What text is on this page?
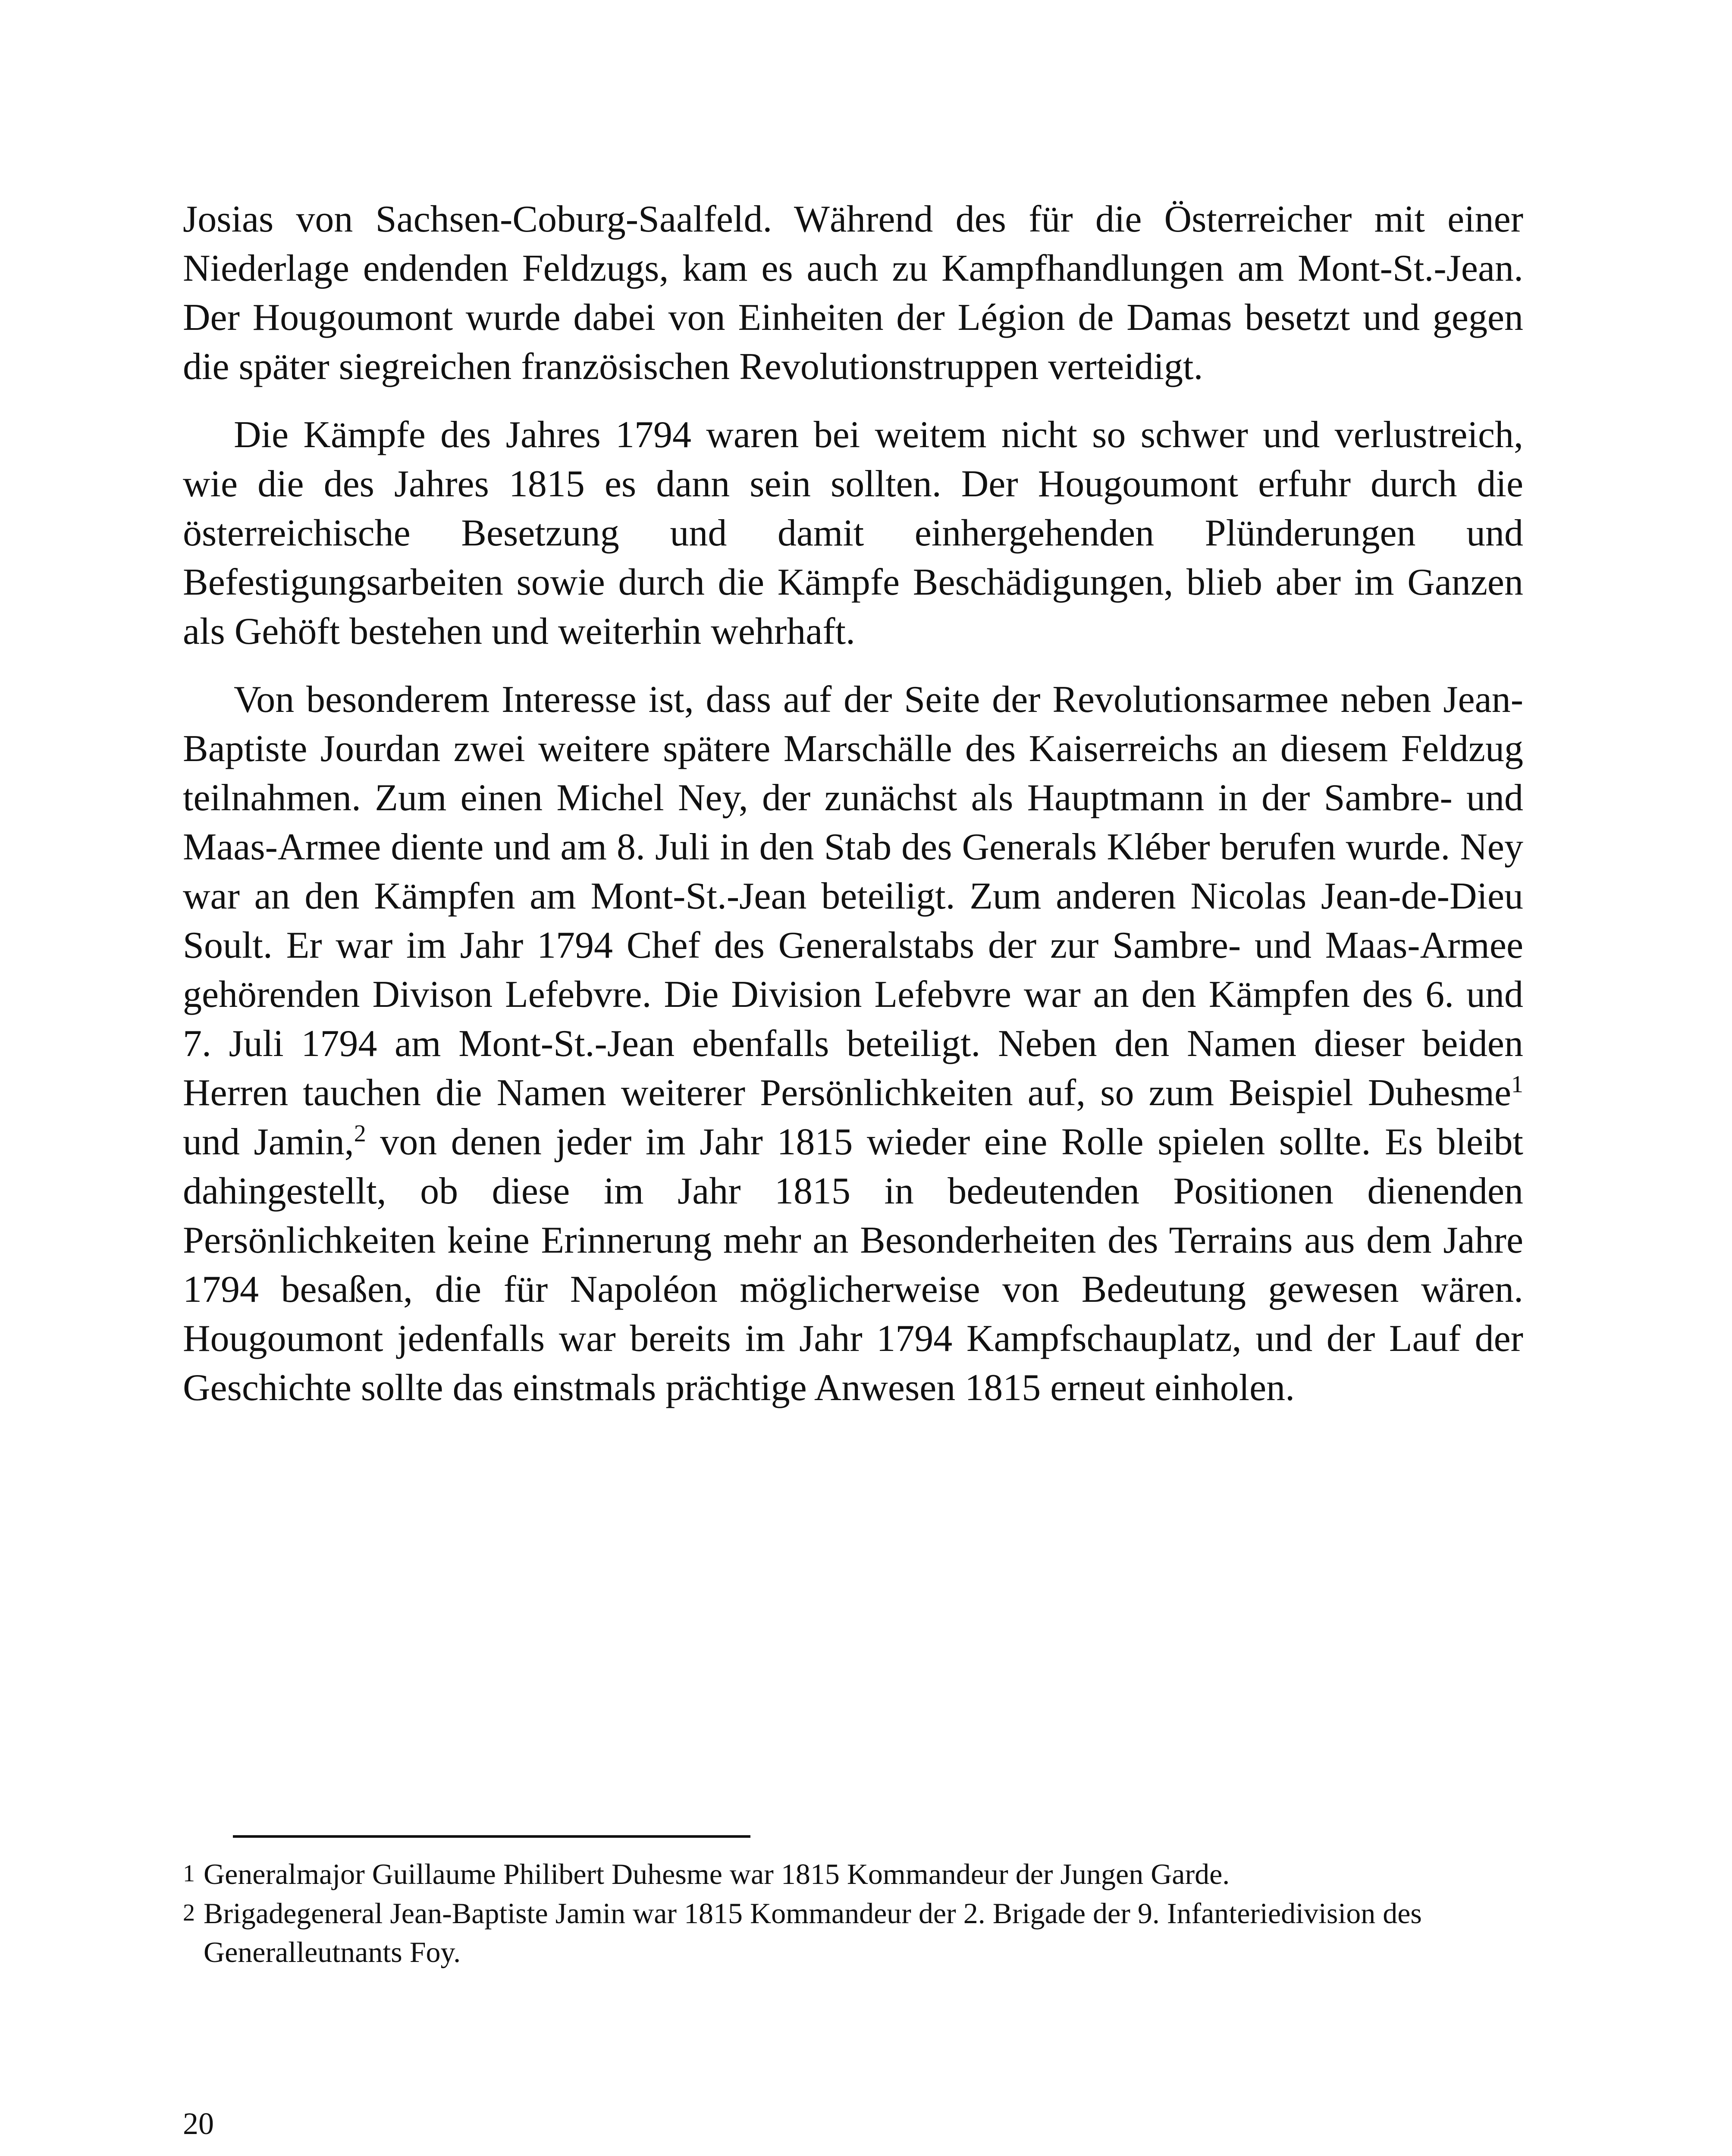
Josias von Sachsen-Coburg-Saalfeld. Während des für die Österreicher mit einer Niederlage endenden Feldzugs, kam es auch zu Kampfhandlungen am Mont-St.-Jean. Der Hougoumont wurde dabei von Einheiten der Légion de Damas besetzt und gegen die später siegreichen französischen Revolutionstruppen verteidigt.

Die Kämpfe des Jahres 1794 waren bei weitem nicht so schwer und verlustreich, wie die des Jahres 1815 es dann sein sollten. Der Hougoumont erfuhr durch die österreichische Besetzung und damit einhergehenden Plünderungen und Befestigungsarbeiten sowie durch die Kämpfe Beschädigungen, blieb aber im Ganzen als Gehöft bestehen und weiterhin wehrhaft.

Von besonderem Interesse ist, dass auf der Seite der Revolutionsarmee neben Jean-Baptiste Jourdan zwei weitere spätere Marschälle des Kaiserreichs an diesem Feldzug teilnahmen. Zum einen Michel Ney, der zunächst als Hauptmann in der Sambre- und Maas-Armee diente und am 8. Juli in den Stab des Generals Kléber berufen wurde. Ney war an den Kämpfen am Mont-St.-Jean beteiligt. Zum anderen Nicolas Jean-de-Dieu Soult. Er war im Jahr 1794 Chef des Generalstabs der zur Sambre- und Maas-Armee gehörenden Divison Lefebvre. Die Division Lefebvre war an den Kämpfen des 6. und 7. Juli 1794 am Mont-St.-Jean ebenfalls beteiligt. Neben den Namen dieser beiden Herren tauchen die Namen weiterer Persönlichkeiten auf, so zum Beispiel Duhesme$^1$ und Jamin,$^2$ von denen jeder im Jahr 1815 wieder eine Rolle spielen sollte. Es bleibt dahingestellt, ob diese im Jahr 1815 in bedeutenden Positionen dienenden Persönlichkeiten keine Erinnerung mehr an Besonderheiten des Terrains aus dem Jahre 1794 besaßen, die für Napoléon möglicherweise von Bedeutung gewesen wären. Hougoumont jedenfalls war bereits im Jahr 1794 Kampfschauplatz, und der Lauf der Geschichte sollte das einstmals prächtige Anwesen 1815 erneut einholen.

1 Generalmajor Guillaume Philibert Duhesme war 1815 Kommandeur der Jungen Garde.

2 Brigadegeneral Jean-Baptiste Jamin war 1815 Kommandeur der 2. Brigade der 9. Infanteriedivision des Generalleutnants Foy.

20
